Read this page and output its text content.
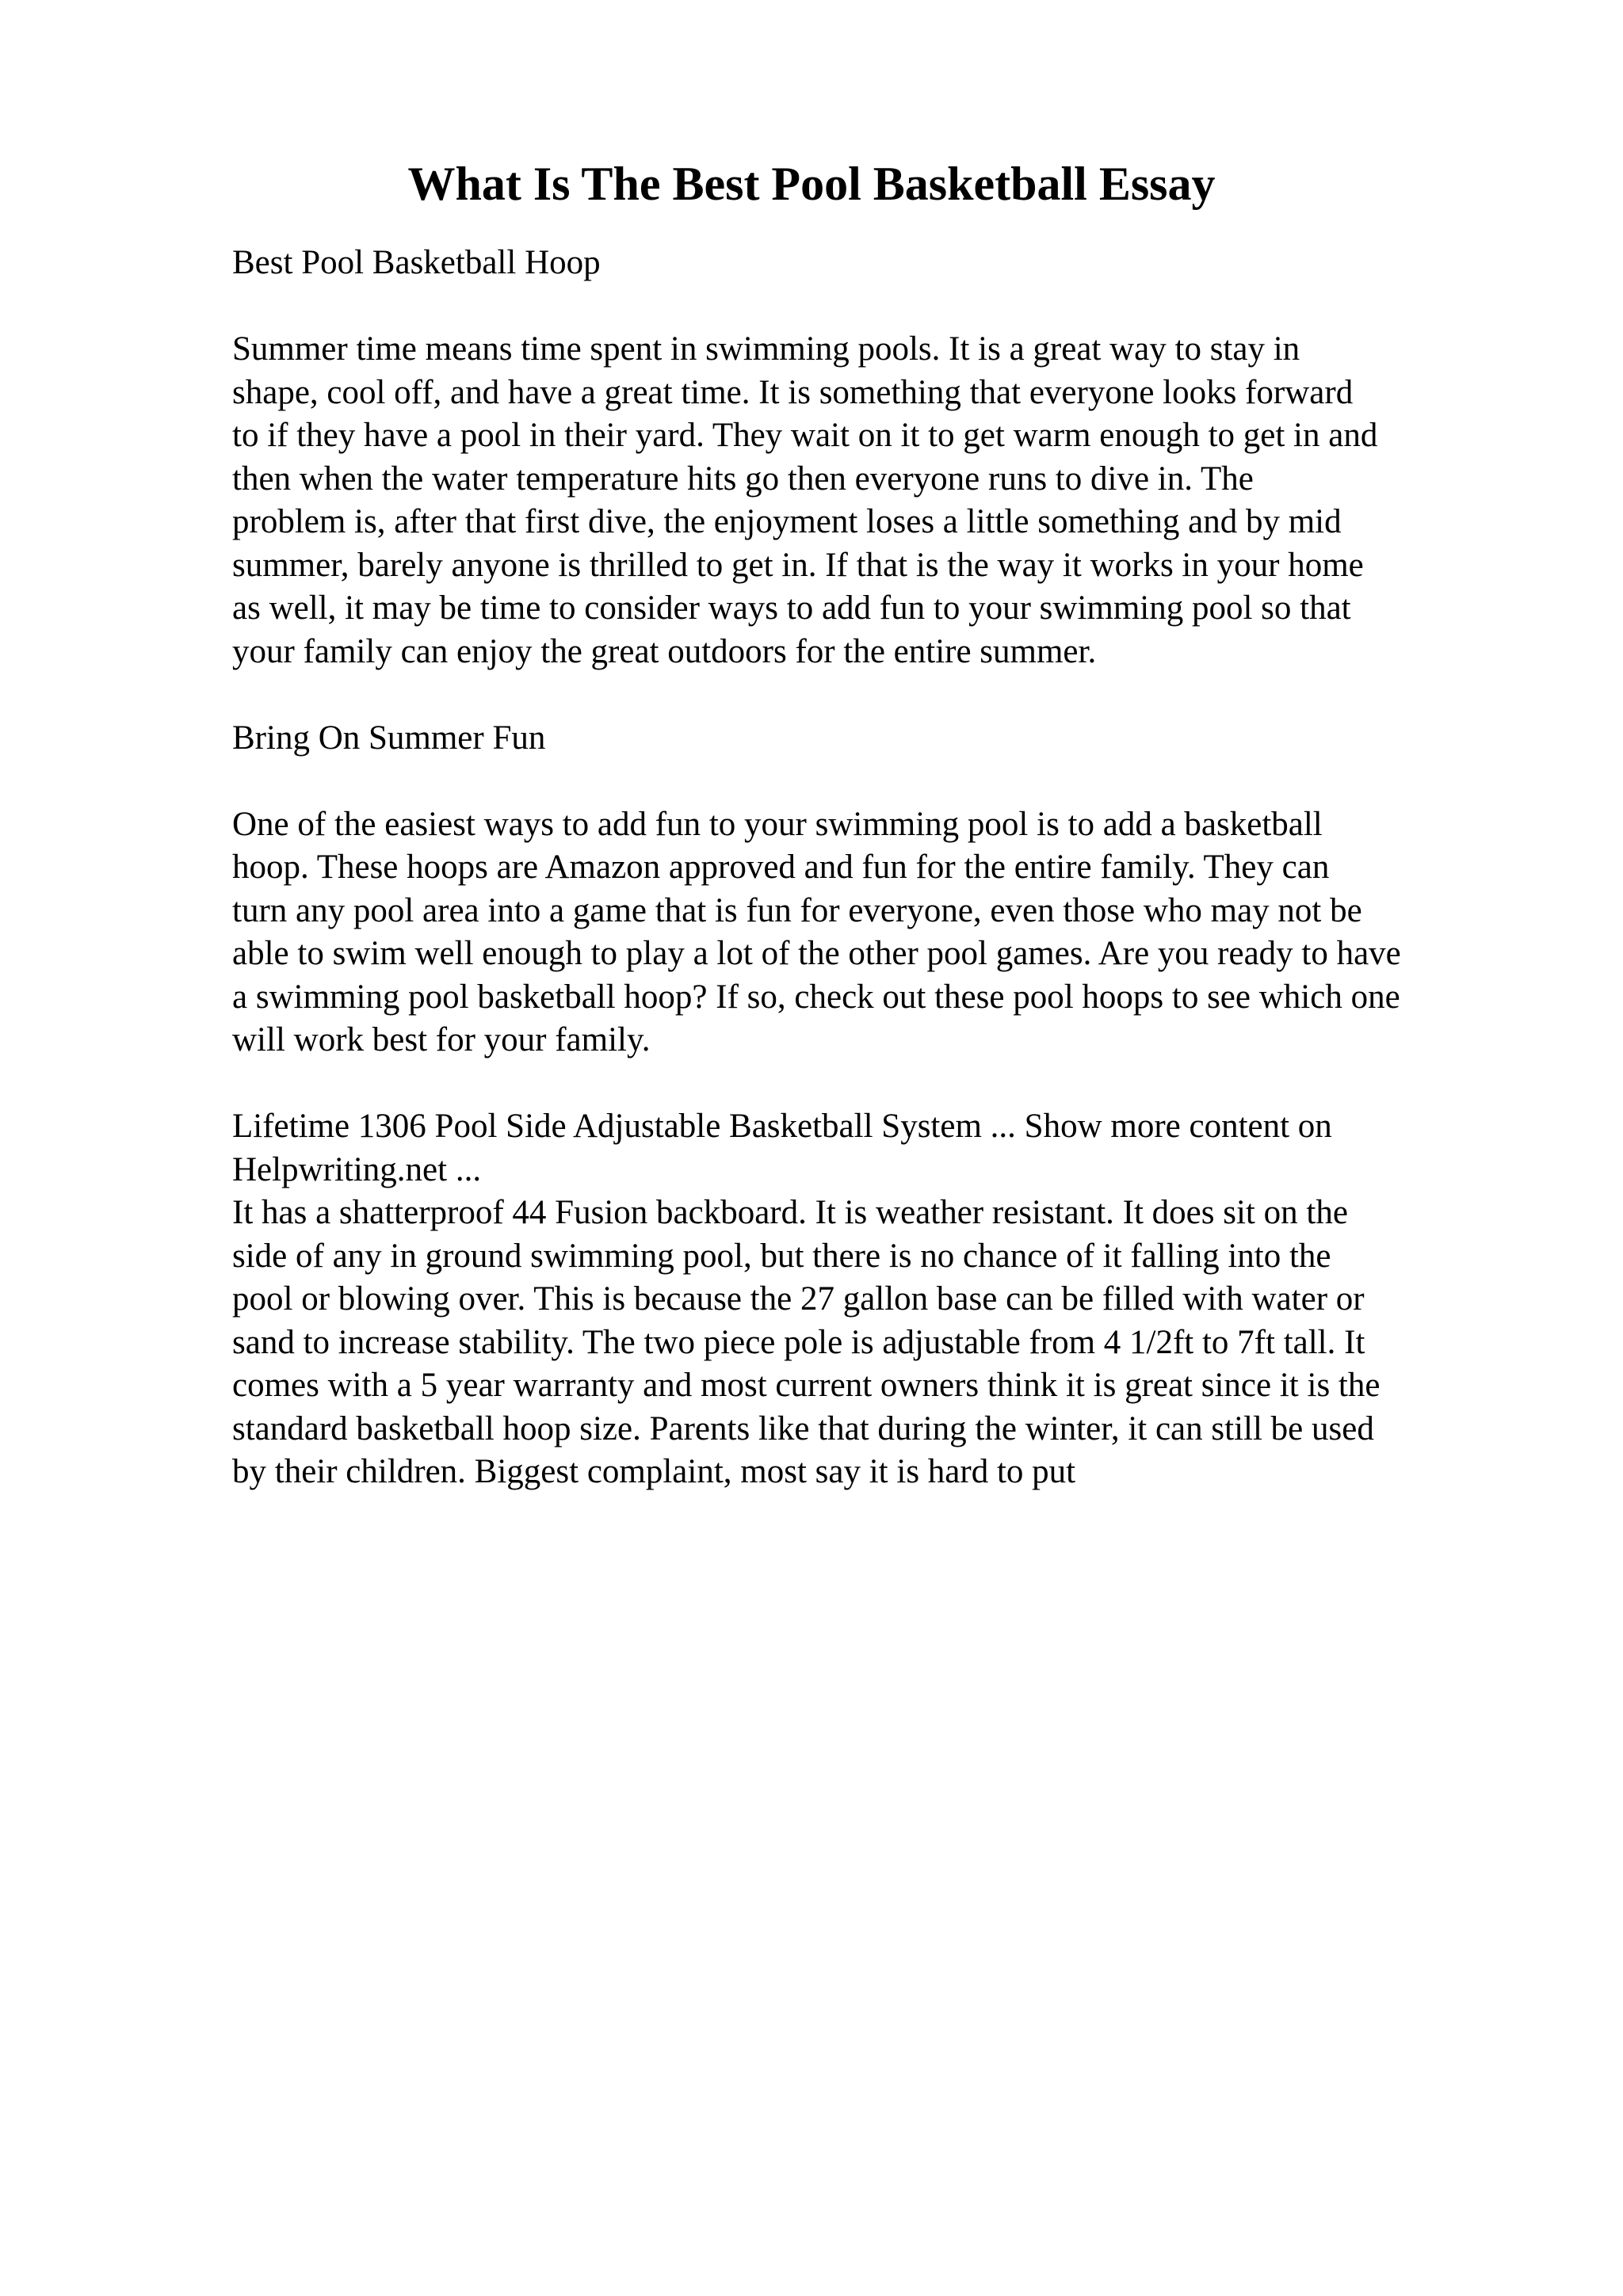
What Is The Best Pool Basketball Essay

Best Pool Basketball Hoop

Summer time means time spent in swimming pools. It is a great way to stay in
shape, cool off, and have a great time. It is something that everyone looks forward
to if they have a pool in their yard. They wait on it to get warm enough to get in and
then when the water temperature hits go then everyone runs to dive in. The
problem is, after that first dive, the enjoyment loses a little something and by mid
summer, barely anyone is thrilled to get in. If that is the way it works in your home
as well, it may be time to consider ways to add fun to your swimming pool so that
your family can enjoy the great outdoors for the entire summer.

Bring On Summer Fun

One of the easiest ways to add fun to your swimming pool is to add a basketball
hoop. These hoops are Amazon approved and fun for the entire family. They can
turn any pool area into a game that is fun for everyone, even those who may not be
able to swim well enough to play a lot of the other pool games. Are you ready to have
a swimming pool basketball hoop? If so, check out these pool hoops to see which one
will work best for your family.

Lifetime 1306 Pool Side Adjustable Basketball System ... Show more content on
Helpwriting.net ...

It has a shatterproof 44 Fusion backboard. It is weather resistant. It does sit on the
side of any in ground swimming pool, but there is no chance of it falling into the
pool or blowing over. This is because the 27 gallon base can be filled with water or
sand to increase stability. The two piece pole is adjustable from 4 1/2ft to 7ft tall. It
comes with a 5 year warranty and most current owners think it is great since it is the
standard basketball hoop size. Parents like that during the winter, it can still be used
by their children. Biggest complaint, most say it is hard to put
